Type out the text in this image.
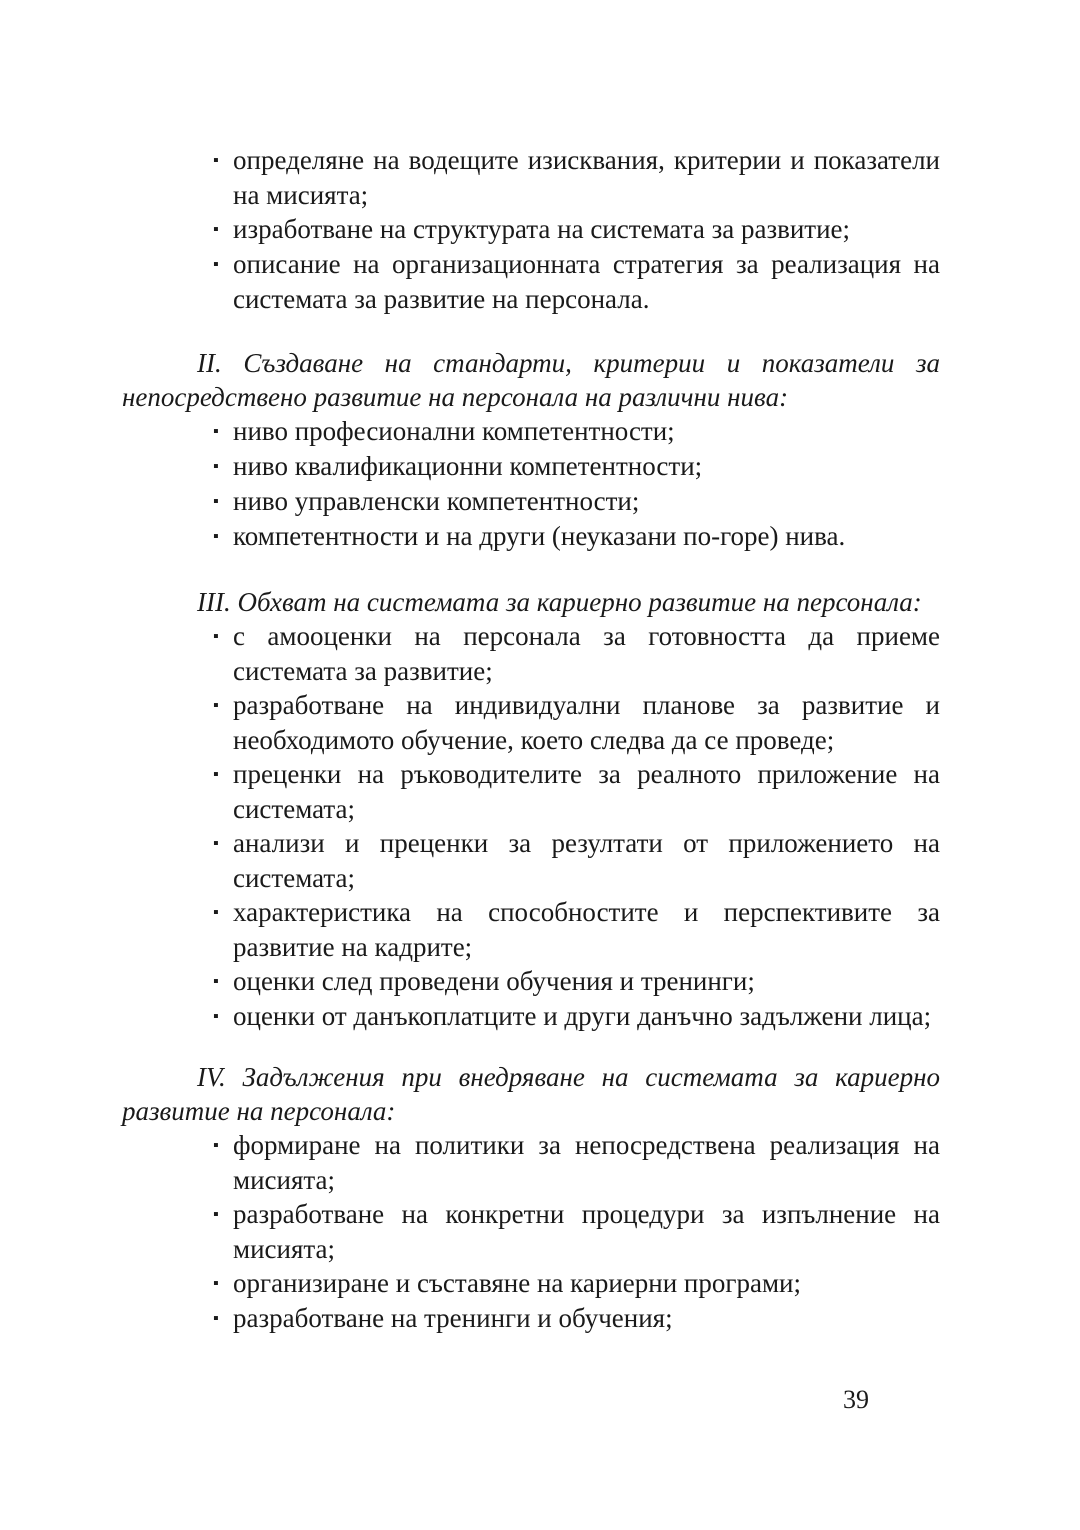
▪ определяне на водещите изисквания, критерии и показатели на мисията;
▪ изработване на структурата на системата за развитие;
▪ описание на организационната стратегия за реализация на системата за развитие на персонала.

II. Създаване на стандарти, критерии и показатели за непосредствено развитие на персонала на различни нива:

▪ ниво професионални компетентности;
▪ ниво квалификационни компетентности;
▪ ниво управленски компетентности;
▪ компетентности и на други (неуказани по-горе) нива.

III. Обхват на системата за кариерно развитие на персонала:

▪ с амооценки на персонала за готовността да приеме системата за развитие;
▪ разработване на индивидуални планове за развитие и необходимото обучение, което следва да се проведе;
▪ преценки на ръководителите за реалното приложение на системата;
▪ анализи и преценки за резултати от приложението на системата;
▪ характеристика на способностите и перспективите за развитие на кадрите;
▪ оценки след проведени обучения и тренинги;
▪ оценки от данъкоплатците и други данъчно задължени лица;

IV. Задължения при внедряване на системата за кариерно развитие на персонала:

▪ формиране на политики за непосредствена реализация на мисията;
▪ разработване на конкретни процедури за изпълнение на мисията;
▪ организиране и съставяне на кариерни програми;
▪ разработване на тренинги и обучения;
39
